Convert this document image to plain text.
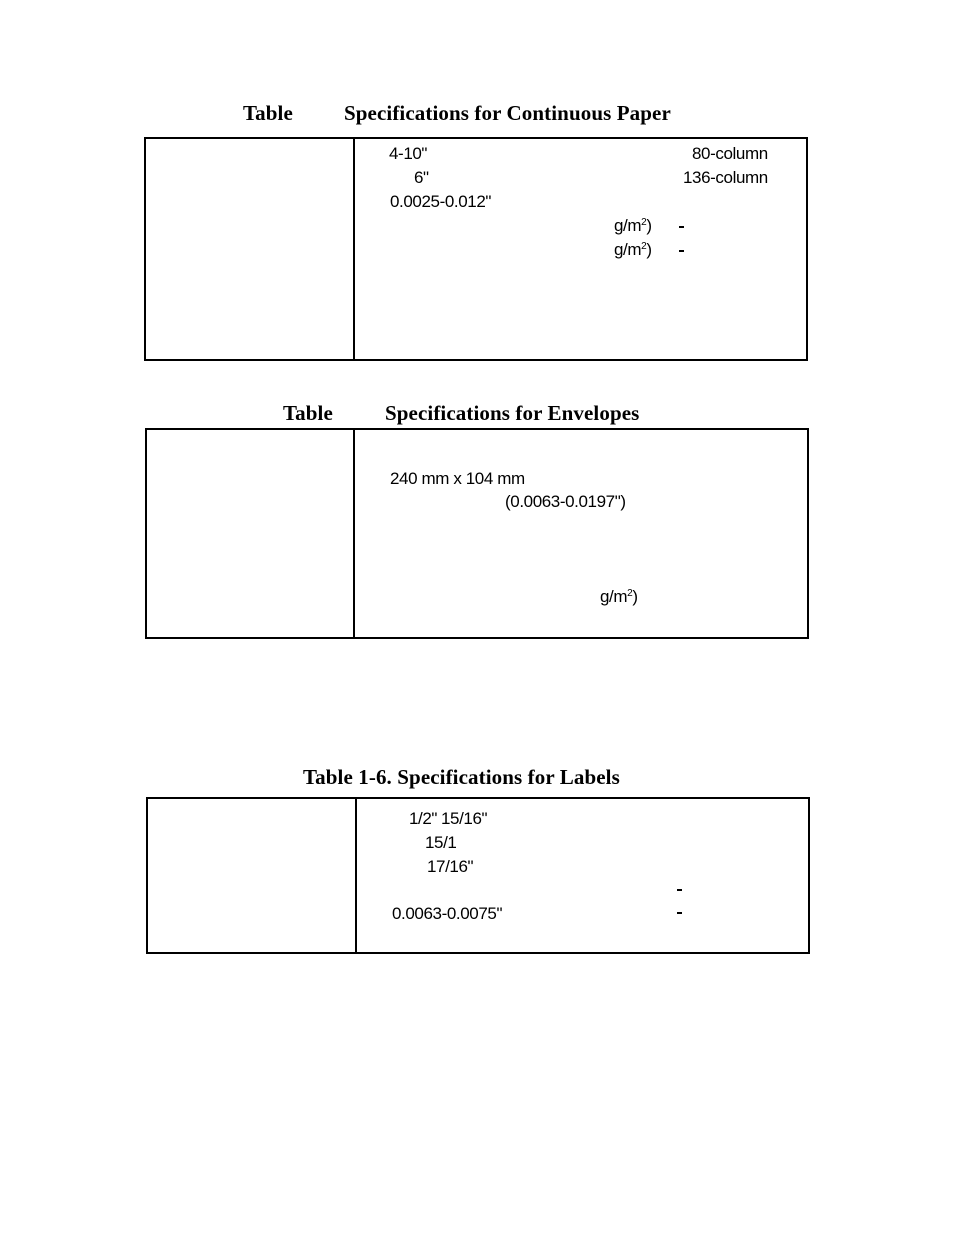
Table Specifications for Continuous Paper
4-10"	80-column
6"	136-column
0.0025-0.012"
$g/m^2$)
$g/m^2$)
Table Specifications for Envelopes
240 mm x 104 mm
(0.0063-0.0197")
$g/m^2$)
Table 1-6. Specifications for Labels
1/2" 15/16"
15/1
17/16"
0.0063-0.0075"
